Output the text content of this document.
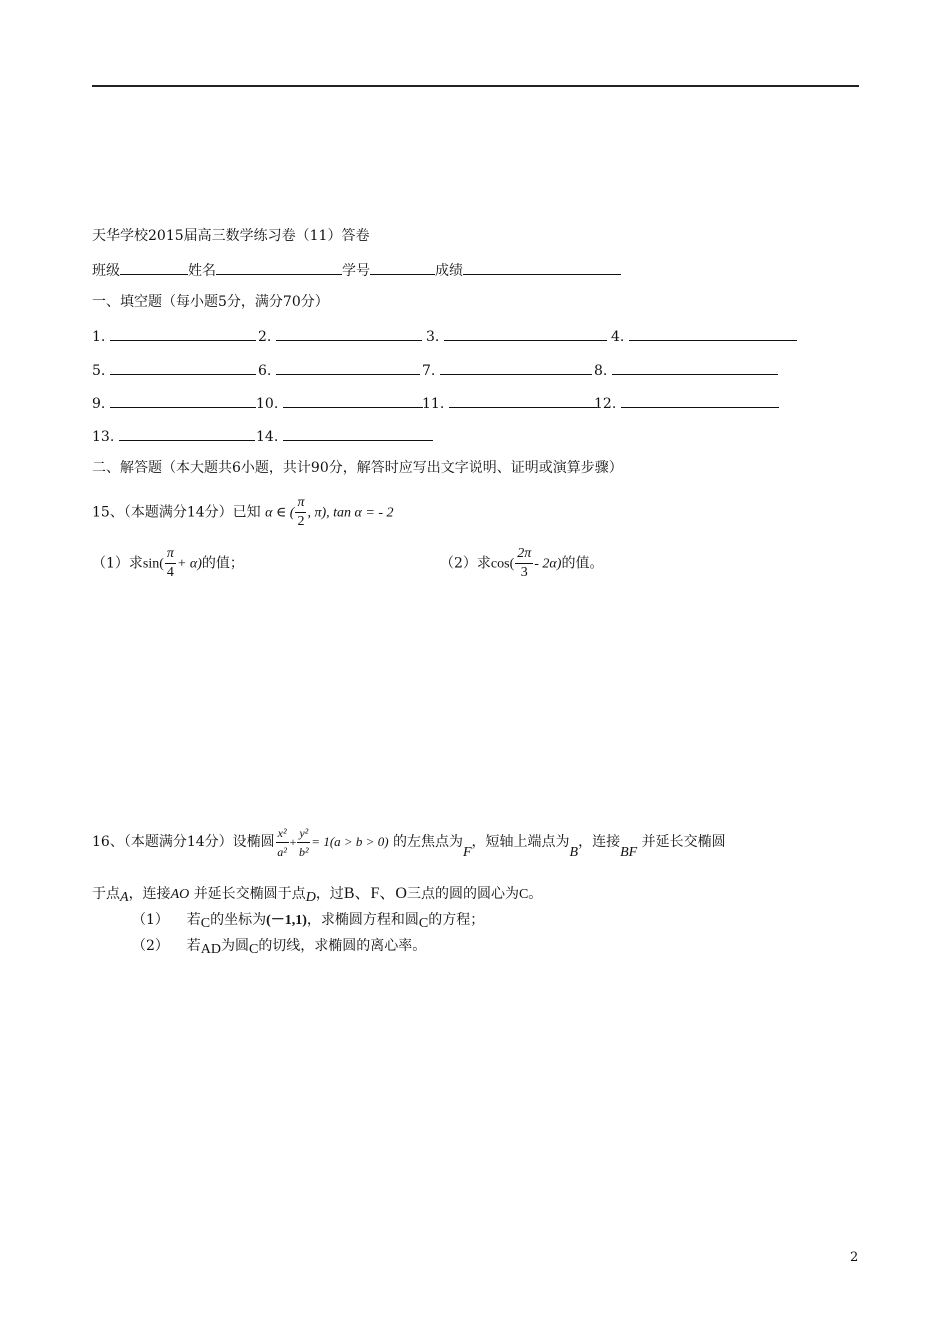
天华学校2015届高三数学练习卷（11）答卷
班级	姓名	学号	成绩
一、填空题（每小题5分，满分70分）
1.	2.	3.	4.
5.	6.	7.	8.
9.	10.	11.	12.
13.	14.
二、解答题（本大题共6小题，共计90分，解答时应写出文字说明、证明或演算步骤）
15、（本题满分14分）已知 α ∈ ( $\frac{\pi}{2}$ , π), tan α = - 2
（1）求$\sin( \frac{\pi}{4} + \alpha)$的值；	（2）求$\cos( \frac{2\pi}{3} - 2\alpha)$的值。
16、（本题满分14分）设椭圆 $\frac{\text{x²}}{\text{a²}} + \frac{\text{y²}}{\text{b²}} = 1(a > b > 0)$ 的左焦点为F，短轴上端点为B，连接BF 并延长交椭圆
于点A，连接AO 并延长交椭圆于点D，过B、F、O三点的圆的圆心为C。
（1） 若C的坐标为(－1,1)，求椭圆方程和圆C的方程；
（2） 若AD为圆C的切线，求椭圆的离心率。
2
